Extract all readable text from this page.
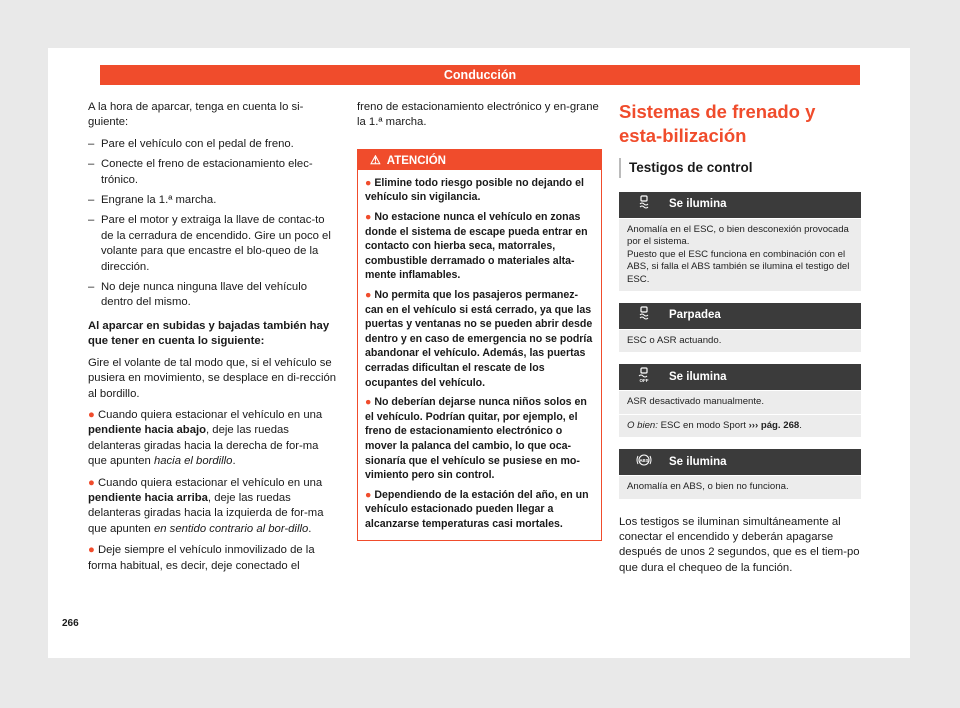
Conducción

A la hora de aparcar, tenga en cuenta lo si-guiente:

– Pare el vehículo con el pedal de freno.
– Conecte el freno de estacionamiento elec-trónico.
– Engrane la 1.ª marcha.
– Pare el motor y extraiga la llave de contac-to de la cerradura de encendido. Gire un poco el volante para que encastre el blo-queo de la dirección.
– No deje nunca ninguna llave del vehículo dentro del mismo.

Al aparcar en subidas y bajadas también hay que tener en cuenta lo siguiente:

Gire el volante de tal modo que, si el vehículo se pusiera en movimiento, se desplace en di-rección al bordillo.

● Cuando quiera estacionar el vehículo en una pendiente hacia abajo, deje las ruedas delanteras giradas hacia la derecha de for-ma que apunten hacia el bordillo.

● Cuando quiera estacionar el vehículo en una pendiente hacia arriba, deje las ruedas delanteras giradas hacia la izquierda de for-ma que apunten en sentido contrario al bor-dillo.

● Deje siempre el vehículo inmovilizado de la forma habitual, es decir, deje conectado el

freno de estacionamiento electrónico y en-grane la 1.ª marcha.

⚠ ATENCIÓN
● Elimine todo riesgo posible no dejando el vehículo sin vigilancia.
● No estacione nunca el vehículo en zonas donde el sistema de escape pueda entrar en contacto con hierba seca, matorrales, combustible derramado o materiales alta-mente inflamables.
● No permita que los pasajeros permanez-can en el vehículo si está cerrado, ya que las puertas y ventanas no se pueden abrir desde dentro y en caso de emergencia no se podría abandonar el vehículo. Además, las puertas cerradas dificultan el rescate de los ocupantes del vehículo.
● No deberían dejarse nunca niños solos en el vehículo. Podrían quitar, por ejemplo, el freno de estacionamiento electrónico o mover la palanca del cambio, lo que oca-sionaría que el vehículo se pusiese en mo-vimiento pero sin control.
● Dependiendo de la estación del año, en un vehículo estacionado pueden llegar a alcanzarse temperaturas casi mortales.
Sistemas de frenado y esta-bilización
Testigos de control
Se ilumina
Anomalía en el ESC, o bien desconexión provocada por el sistema.
Puesto que el ESC funciona en combinación con el ABS, si falla el ABS también se ilumina el testigo del ESC.
Parpadea
ESC o ASR actuando.
OFF Se ilumina
ASR desactivado manualmente.
O bien: ESC en modo Sport ››› pág. 268.
ABS Se ilumina
Anomalía en ABS, o bien no funciona.

Los testigos se iluminan simultáneamente al conectar el encendido y deberán apagarse después de unos 2 segundos, que es el tiem-po que dura el chequeo de la función.

266
